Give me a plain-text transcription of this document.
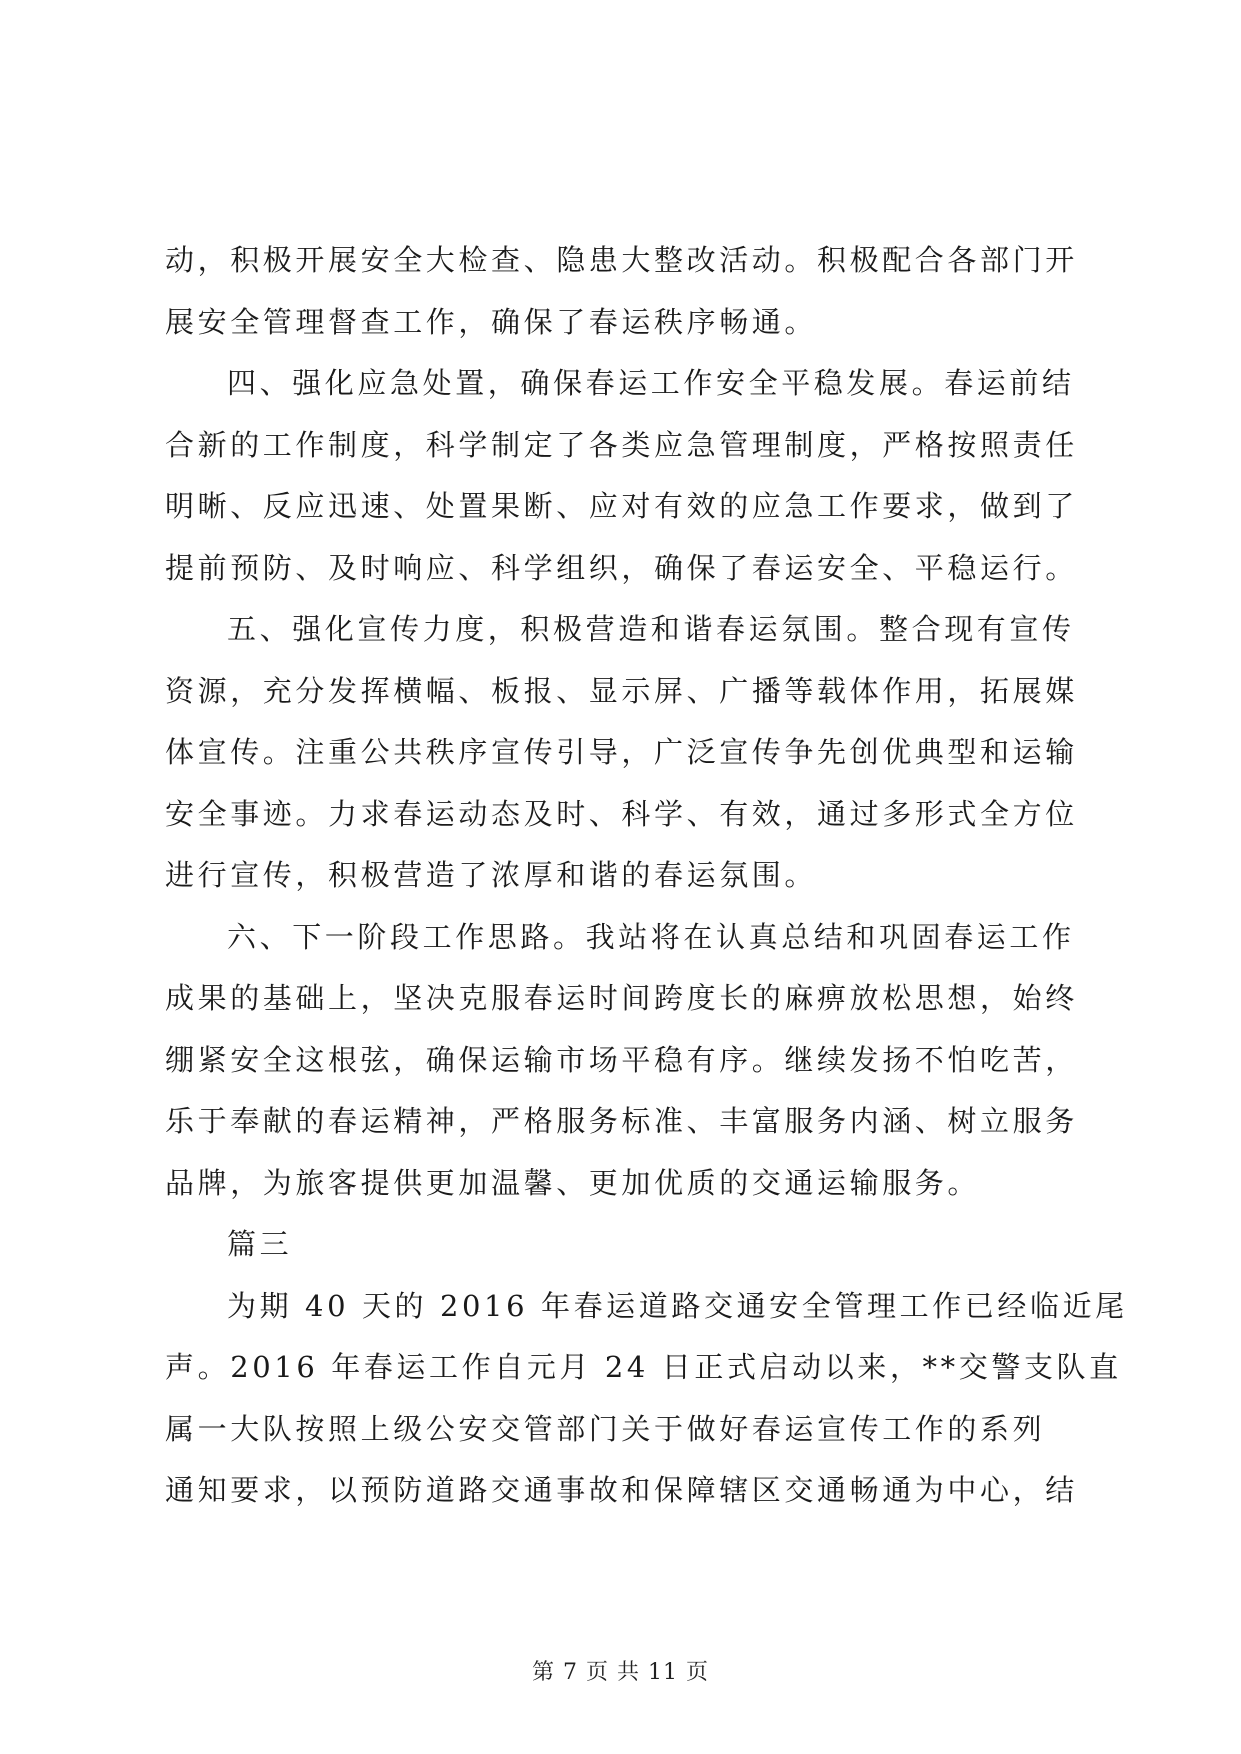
动，积极开展安全大检查、隐患大整改活动。积极配合各部门开
展安全管理督查工作，确保了春运秩序畅通。
四、强化应急处置，确保春运工作安全平稳发展。春运前结
合新的工作制度，科学制定了各类应急管理制度，严格按照责任
明晰、反应迅速、处置果断、应对有效的应急工作要求，做到了
提前预防、及时响应、科学组织，确保了春运安全、平稳运行。
五、强化宣传力度，积极营造和谐春运氛围。整合现有宣传
资源，充分发挥横幅、板报、显示屏、广播等载体作用，拓展媒
体宣传。注重公共秩序宣传引导，广泛宣传争先创优典型和运输
安全事迹。力求春运动态及时、科学、有效，通过多形式全方位
进行宣传，积极营造了浓厚和谐的春运氛围。
六、下一阶段工作思路。我站将在认真总结和巩固春运工作
成果的基础上，坚决克服春运时间跨度长的麻痹放松思想，始终
绷紧安全这根弦，确保运输市场平稳有序。继续发扬不怕吃苦，
乐于奉献的春运精神，严格服务标准、丰富服务内涵、树立服务
品牌，为旅客提供更加温馨、更加优质的交通运输服务。
篇三
为期 40 天的 2016 年春运道路交通安全管理工作已经临近尾
声。2016 年春运工作自元月 24 日正式启动以来，**交警支队直
属一大队按照上级公安交管部门关于做好春运宣传工作的系列
通知要求，以预防道路交通事故和保障辖区交通畅通为中心，结
第 7 页 共 11 页
